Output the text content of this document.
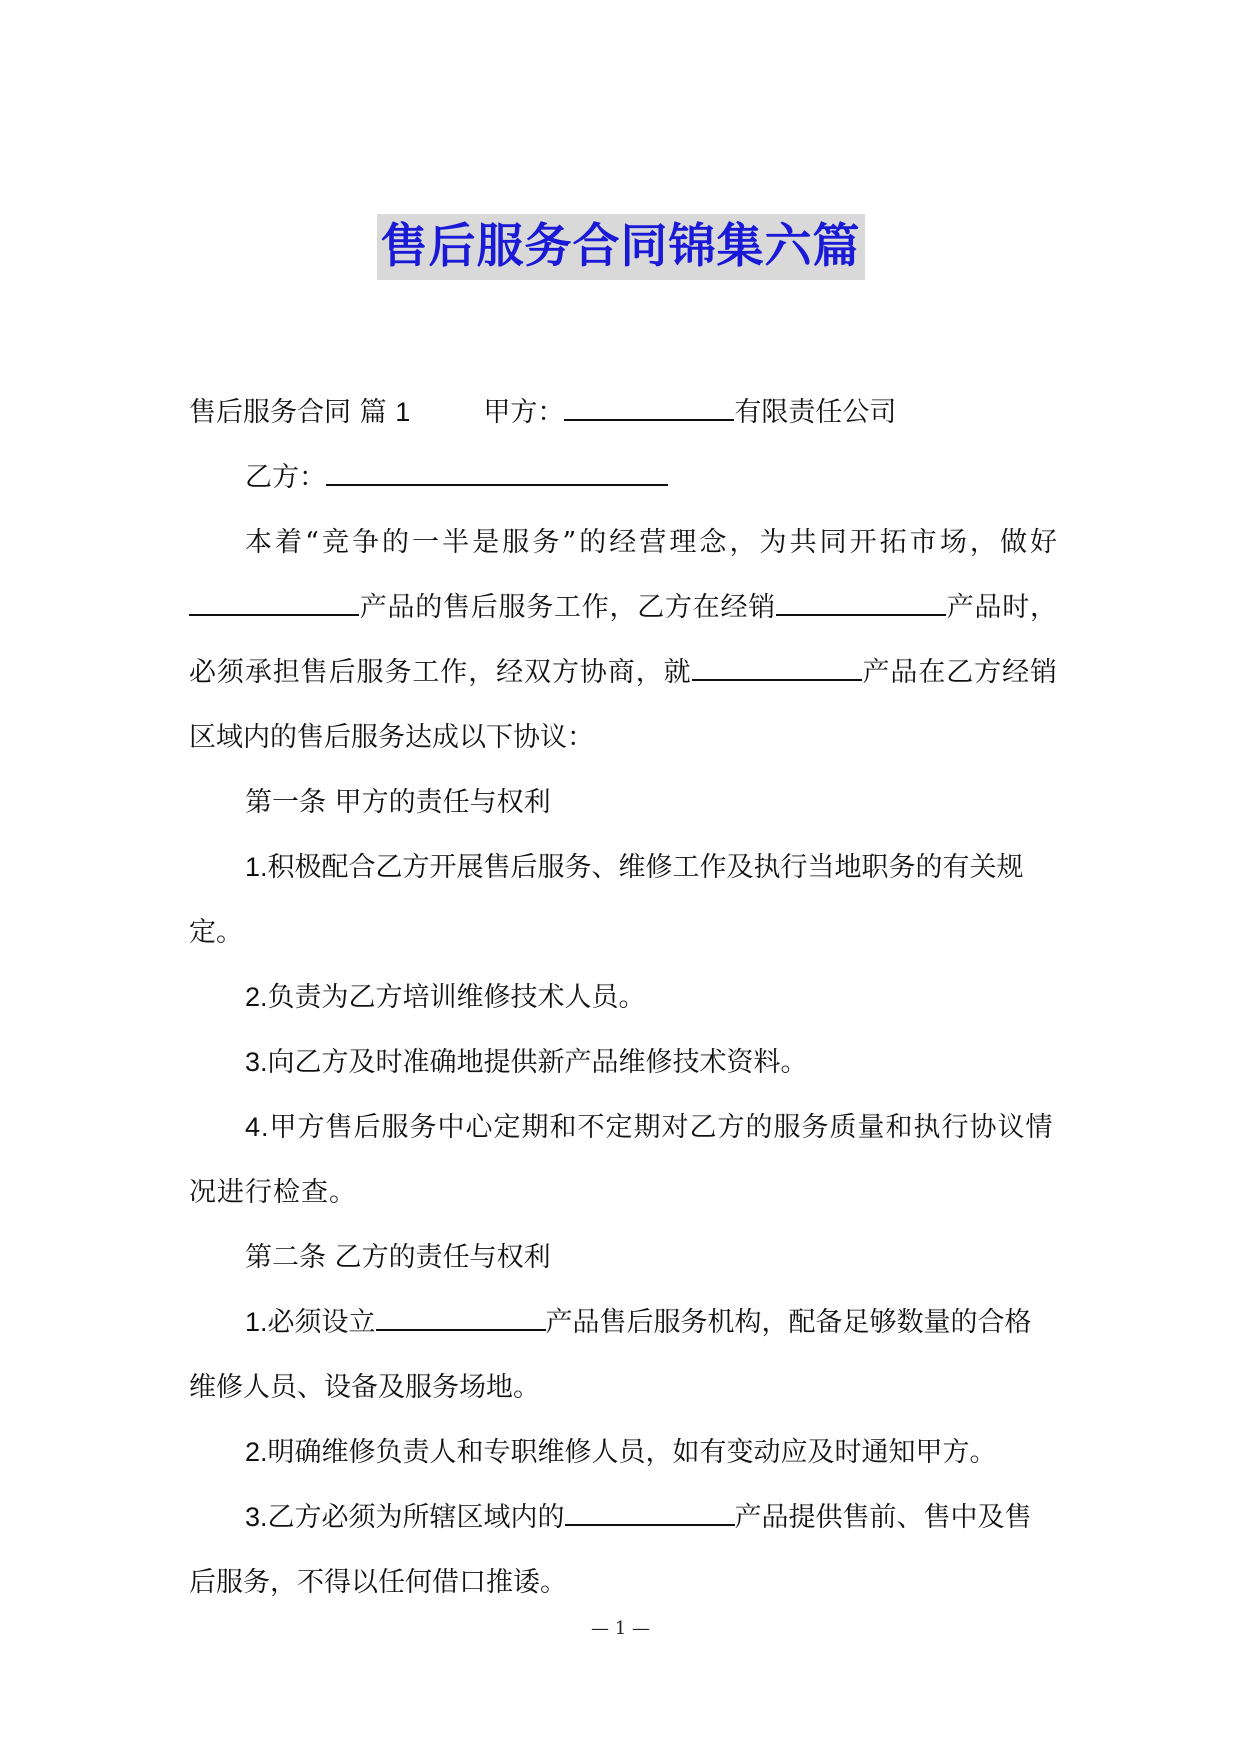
售后服务合同锦集六篇

售后服务合同 篇 1	甲方：	有限责任公司

乙方：

本着“竞争的一半是服务”的经营理念，为共同开拓市场，做好产品的售后服务工作，乙方在经销	产品时，必须承担售后服务工作，经双方协商，就	产品在乙方经销区域内的售后服务达成以下协议：

第一条 甲方的责任与权利

1.积极配合乙方开展售后服务、维修工作及执行当地职务的有关规定。

2.负责为乙方培训维修技术人员。

3.向乙方及时准确地提供新产品维修技术资料。

4.甲方售后服务中心定期和不定期对乙方的服务质量和执行协议情况进行检查。

第二条 乙方的责任与权利

1.必须设立	产品售后服务机构，配备足够数量的合格维修人员、设备及服务场地。

2.明确维修负责人和专职维修人员，如有变动应及时通知甲方。

3.乙方必须为所辖区域内的	产品提供售前、售中及售后服务，不得以任何借口推诿。

— 1 —
